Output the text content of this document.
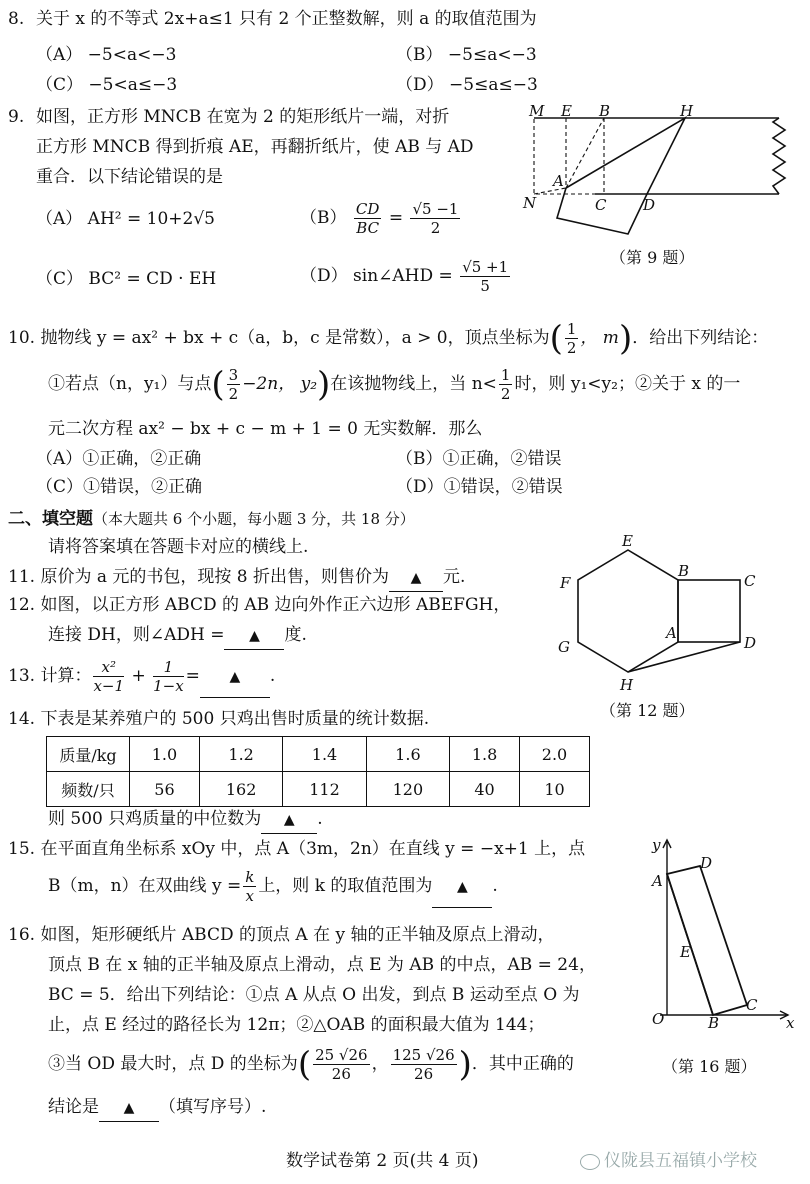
8. 关于 x 的不等式 2x+a≤1 只有 2 个正整数解，则 a 的取值范围为
（A） −5<a<−3	（B） −5≤a<−3
（C） −5<a≤−3	（D） −5≤a≤−3
9. 如图，正方形 MNCB 在宽为 2 的矩形纸片一端，对折
正方形 MNCB 得到折痕 AE，再翻折纸片，使 AB 与 AD
重合．以下结论错误的是
（A） AH² = 10+2√5	$(B) \frac{CD}{BC} = \frac{√5 -1}{2}$
（C） BC² = CD · EH	（D） sin∠AHD = $\frac{√5 +1}{5}$
M E B	H
A
N	C D
（第 9 题）
10. 抛物线 y = ax² + bx + c（a，b，c 是常数），a > 0，顶点坐标为( $\frac{1}{2}$ ， m)．给出下列结论：
①若点（n，y₁）与点( $\frac{3}{2} -2n$， y₂)在该抛物线上，当 $n< \frac{1}{2}$ 时，则 y₁<y₂；②关于 x 的一
元二次方程 ax² − bx + c − m + 1 = 0 无实数解．那么
（A）①正确，②正确	（B）①正确，②错误
（C）①错误，②正确	（D）①错误，②错误
二、填空题（本大题共 6 个小题，每小题 3 分，共 18 分）
请将答案填在答题卡对应的横线上.
11. 原价为 a 元的书包，现按 8 折出售，则售价为 ▲ 元.
12. 如图，以正方形 ABCD 的 AB 边向外作正六边形 ABEFGH，
连接 DH，则∠ADH = ▲ 度.
E
F
B
C
A
G	D
H
（第 12 题）
13. 计算： $\frac{\text{x²}}{x-1} + \frac{1}{1-x}$ = ▲ .
14. 下表是某养殖户的 500 只鸡出售时质量的统计数据.
质量/kg	1.0	1.2	1.4	1.6	1.8	2.0
频数/只	56	162	112	120	40	10
则 500 只鸡质量的中位数为 ▲ .
15. 在平面直角坐标系 xOy 中，点 A（3m，2n）在直线 y = −x+1 上，点
B（m，n）在双曲线 $y = \frac{k}{x}$ 上，则 k 的取值范围为 ▲ .
16. 如图，矩形硬纸片 ABCD 的顶点 A 在 y 轴的正半轴及原点上滑动，
顶点 B 在 x 轴的正半轴及原点上滑动，点 E 为 AB 的中点，AB = 24，
BC = 5．给出下列结论：①点 A 从点 O 出发，到点 B 运动至点 O 为
止，点 E 经过的路径长为 12π；②△OAB 的面积最大值为 144；
③当 OD 最大时，点 D 的坐标为( $\frac{25 √26}{26}$ ， $\frac{125 √26}{26}$ )．其中正确的
结论是 ▲ （填写序号）.
y
D
A
E
O	B
C
x
（第 16 题）
数学试卷第 2 页(共 4 页)	仪陇县五福镇小学校
